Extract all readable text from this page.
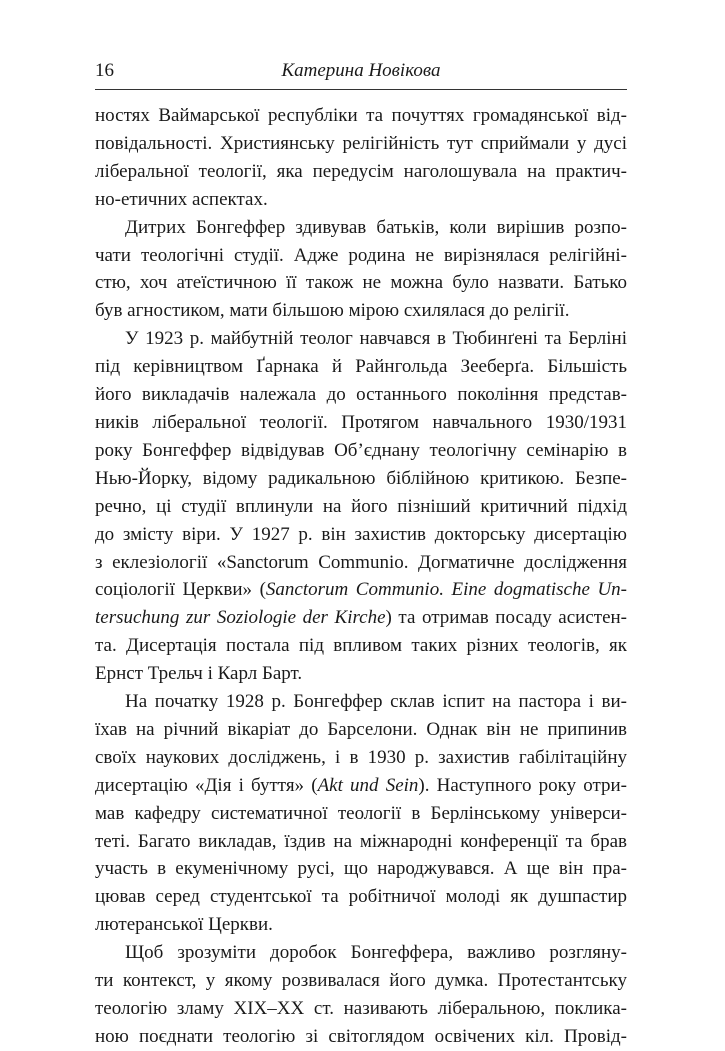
16	Катерина Новікова

ностях Ваймарської республіки та почуттях громадянської від-
повідальності. Християнську релігійність тут сприймали у дусі
ліберальної теології, яка передусім наголошувала на практич-
но-етичних аспектах.

Дитрих Бонгеффер здивував батьків, коли вирішив розпо-
чати теологічні студії. Адже родина не вирізнялася релігійні-
стю, хоч атеїстичною її також не можна було назвати. Батько
був агностиком, мати більшою мірою схилялася до релігії.

У 1923 р. майбутній теолог навчався в Тюбинґені та Берліні
під керівництвом Ґарнака й Райнгольда Зееберґа. Більшість
його викладачів належала до останнього покоління представ-
ників ліберальної теології. Протягом навчального 1930/1931
року Бонгеффер відвідував Об’єднану теологічну семінарію в
Нью-Йорку, відому радикальною біблійною критикою. Безпе-
речно, ці студії вплинули на його пізніший критичний підхід
до змісту віри. У 1927 р. він захистив докторську дисертацію
з еклезіології «Sanctorum Communio. Догматичне дослідження
соціології Церкви» (Sanctorum Communio. Eine dogmatische Un-
tersuchung zur Soziologie der Kirche) та отримав посаду асистен-
та. Дисертація постала під впливом таких різних теологів, як
Ернст Трельч і Карл Барт.

На початку 1928 р. Бонгеффер склав іспит на пастора і ви-
їхав на річний вікаріат до Барселони. Однак він не припинив
своїх наукових досліджень, і в 1930 р. захистив габілітаційну
дисертацію «Дія і буття» (Akt und Sein). Наступного року отри-
мав кафедру систематичної теології в Берлінському універси-
теті. Багато викладав, їздив на міжнародні конференції та брав
участь в екуменічному русі, що народжувався. А ще він пра-
цював серед студентської та робітничої молоді як душпастир
лютеранської Церкви.

Щоб зрозуміти доробок Бонгеффера, важливо розгляну-
ти контекст, у якому розвивалася його думка. Протестантську
теологію зламу ХІХ–ХХ ст. називають ліберальною, поклика-
ною поєднати теологію зі світоглядом освічених кіл. Провід-
